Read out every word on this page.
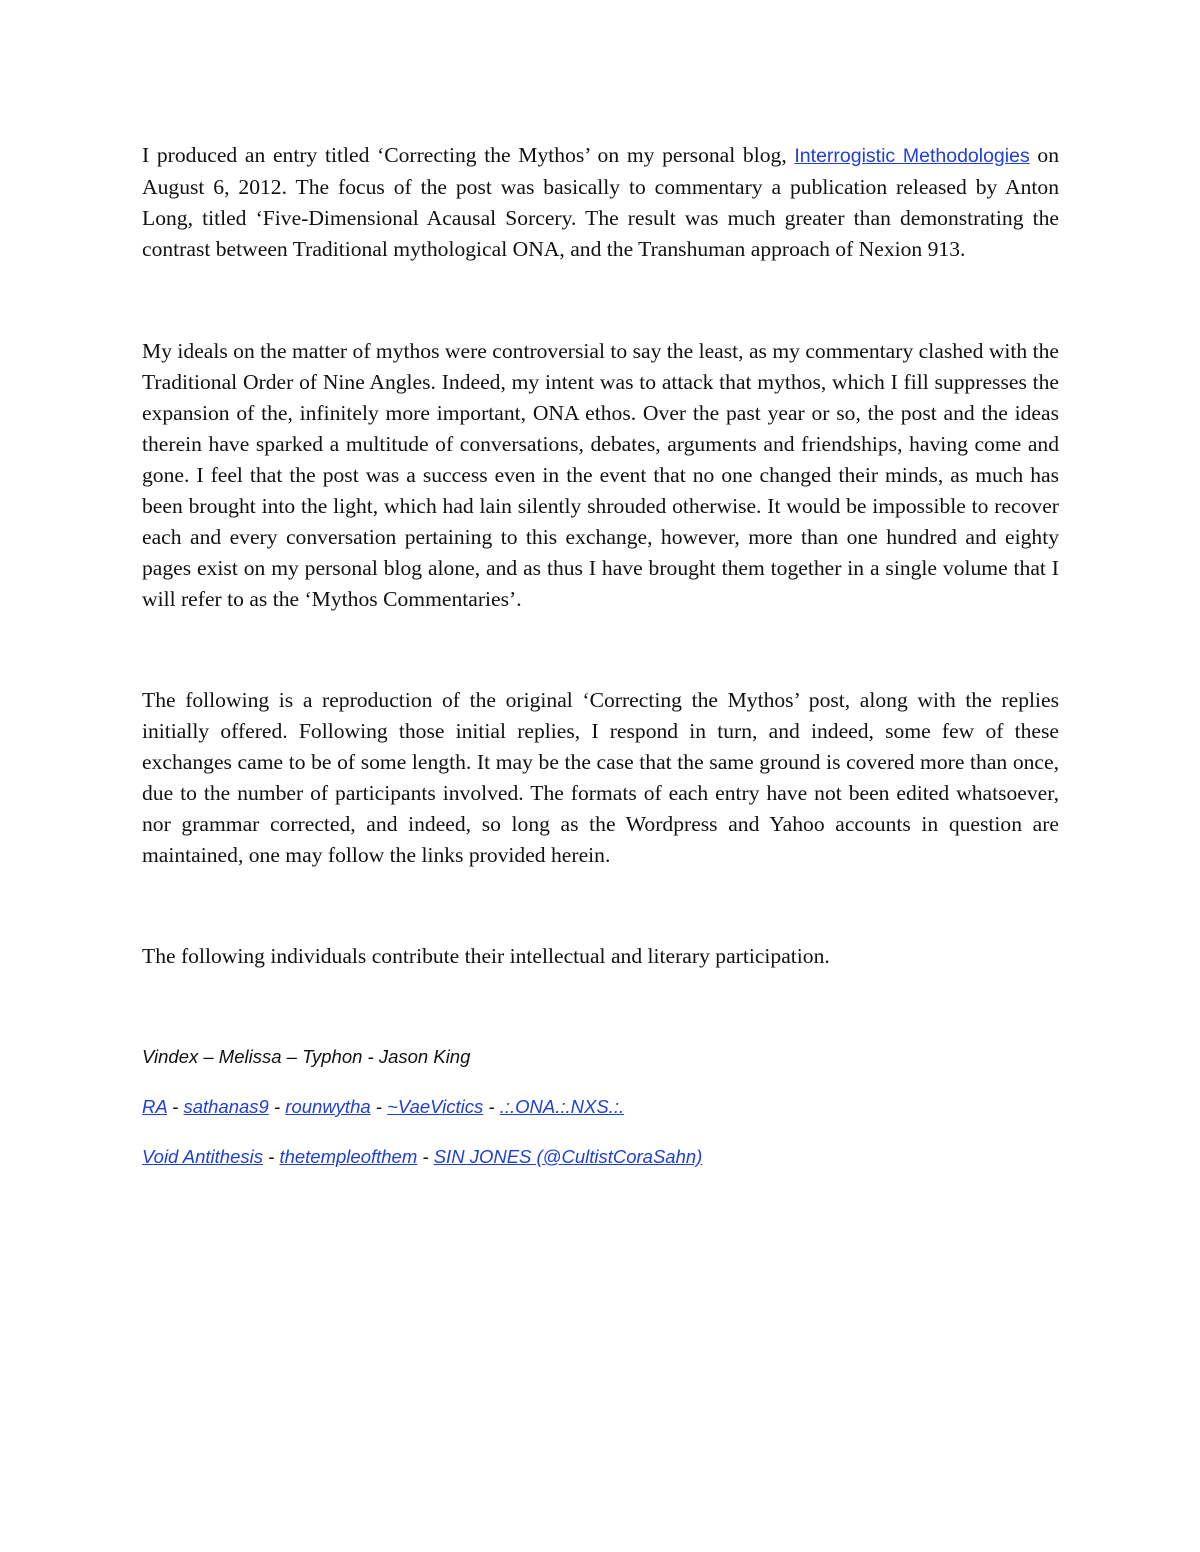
I produced an entry titled ‘Correcting the Mythos’ on my personal blog, Interrogistic Methodologies on August 6, 2012. The focus of the post was basically to commentary a publication released by Anton Long, titled ‘Five-Dimensional Acausal Sorcery. The result was much greater than demonstrating the contrast between Traditional mythological ONA, and the Transhuman approach of Nexion 913.

My ideals on the matter of mythos were controversial to say the least, as my commentary clashed with the Traditional Order of Nine Angles. Indeed, my intent was to attack that mythos, which I fill suppresses the expansion of the, infinitely more important, ONA ethos. Over the past year or so, the post and the ideas therein have sparked a multitude of conversations, debates, arguments and friendships, having come and gone. I feel that the post was a success even in the event that no one changed their minds, as much has been brought into the light, which had lain silently shrouded otherwise. It would be impossible to recover each and every conversation pertaining to this exchange, however, more than one hundred and eighty pages exist on my personal blog alone, and as thus I have brought them together in a single volume that I will refer to as the ‘Mythos Commentaries’.

The following is a reproduction of the original ‘Correcting the Mythos’ post, along with the replies initially offered. Following those initial replies, I respond in turn, and indeed, some few of these exchanges came to be of some length. It may be the case that the same ground is covered more than once, due to the number of participants involved. The formats of each entry have not been edited whatsoever, nor grammar corrected, and indeed, so long as the Wordpress and Yahoo accounts in question are maintained, one may follow the links provided herein.

The following individuals contribute their intellectual and literary participation.

Vindex – Melissa – Typhon - Jason King

RA - sathanas9 - rounwytha - ~VaeVictics - .:.ONA.:.NXS.:.

Void Antithesis - thetempleofthem - SIN JONES (@CultistCoraSahn)
